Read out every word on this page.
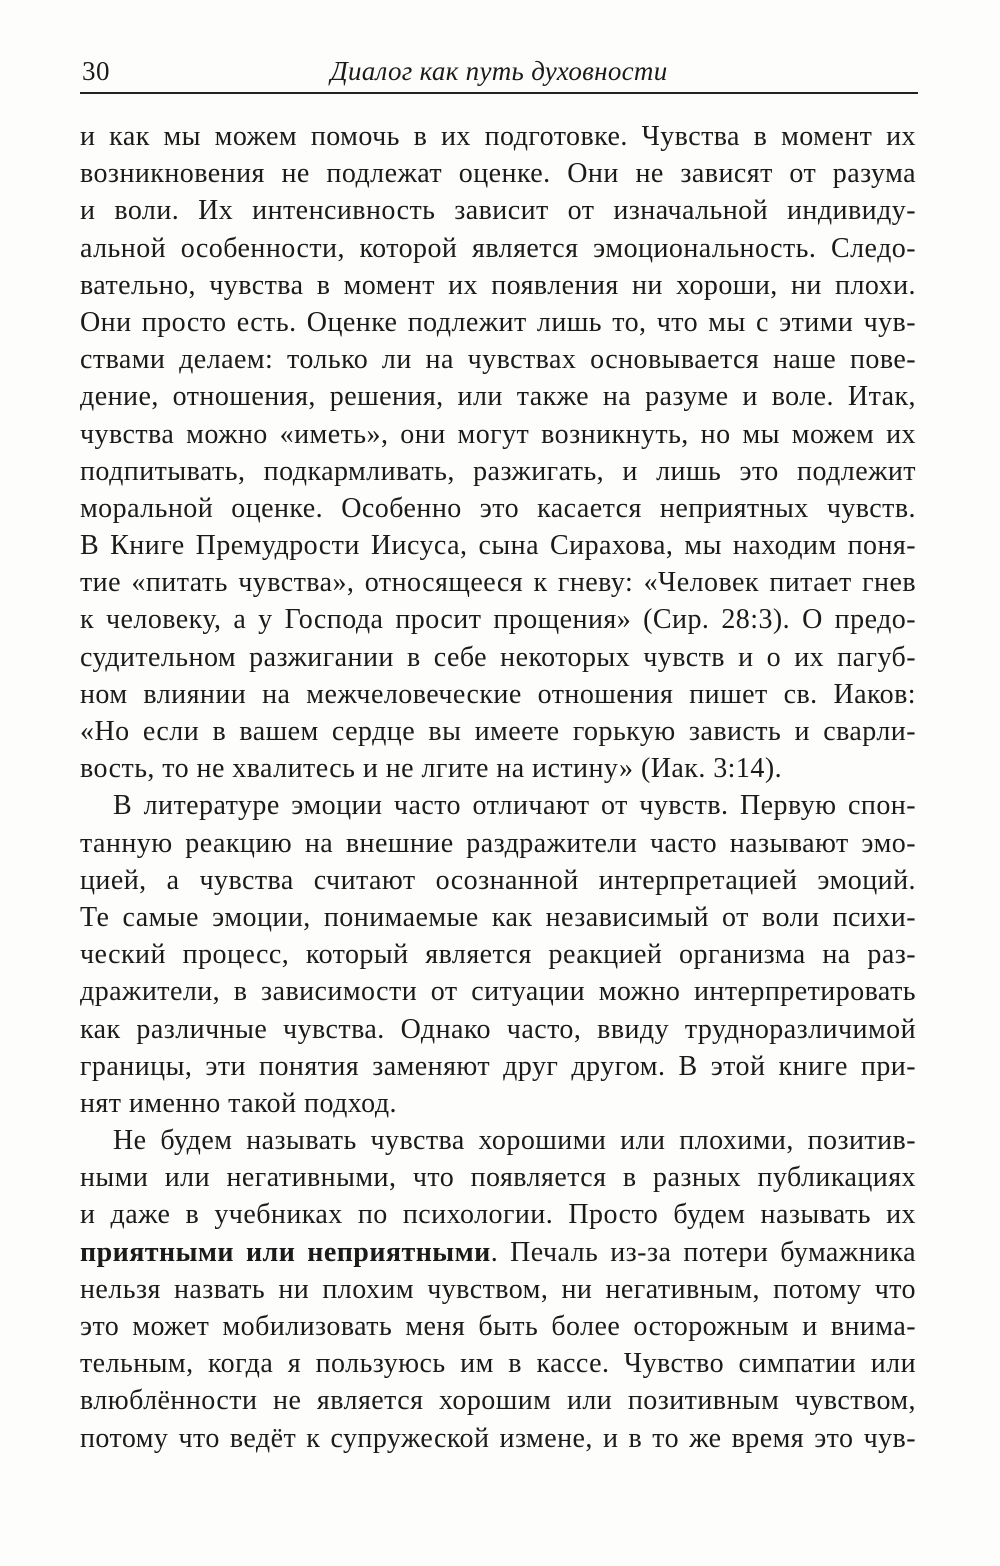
30	Диалог как путь духовности
и как мы можем помочь в их подготовке. Чувства в момент их
возникновения не подлежат оценке. Они не зависят от разума
и воли. Их интенсивность зависит от изначальной индивиду-
альной особенности, которой является эмоциональность. Следо-
вательно, чувства в момент их появления ни хороши, ни плохи.
Они просто есть. Оценке подлежит лишь то, что мы с этими чув-
ствами делаем: только ли на чувствах основывается наше пове-
дение, отношения, решения, или также на разуме и воле. Итак,
чувства можно «иметь», они могут возникнуть, но мы можем их
подпитывать, подкармливать, разжигать, и лишь это подлежит
моральной оценке. Особенно это касается неприятных чувств.
В Книге Премудрости Иисуса, сына Сирахова, мы находим поня-
тие «питать чувства», относящееся к гневу: «Человек питает гнев
к человеку, а у Господа просит прощения» (Сир. 28:3). О предо-
судительном разжигании в себе некоторых чувств и о их пагуб-
ном влиянии на межчеловеческие отношения пишет св. Иаков:
«Но если в вашем сердце вы имеете горькую зависть и сварли-
вость, то не хвалитесь и не лгите на истину» (Иак. 3:14).
В литературе эмоции часто отличают от чувств. Первую спон-
танную реакцию на внешние раздражители часто называют эмо-
цией, а чувства считают осознанной интерпретацией эмоций.
Те самые эмоции, понимаемые как независимый от воли психи-
ческий процесс, который является реакцией организма на раз-
дражители, в зависимости от ситуации можно интерпретировать
как различные чувства. Однако часто, ввиду трудноразличимой
границы, эти понятия заменяют друг другом. В этой книге при-
нят именно такой подход.
Не будем называть чувства хорошими или плохими, позитив-
ными или негативными, что появляется в разных публикациях
и даже в учебниках по психологии. Просто будем называть их
приятными или неприятными. Печаль из-за потери бумажника
нельзя назвать ни плохим чувством, ни негативным, потому что
это может мобилизовать меня быть более осторожным и внима-
тельным, когда я пользуюсь им в кассе. Чувство симпатии или
влюблённости не является хорошим или позитивным чувством,
потому что ведёт к супружеской измене, и в то же время это чув-
